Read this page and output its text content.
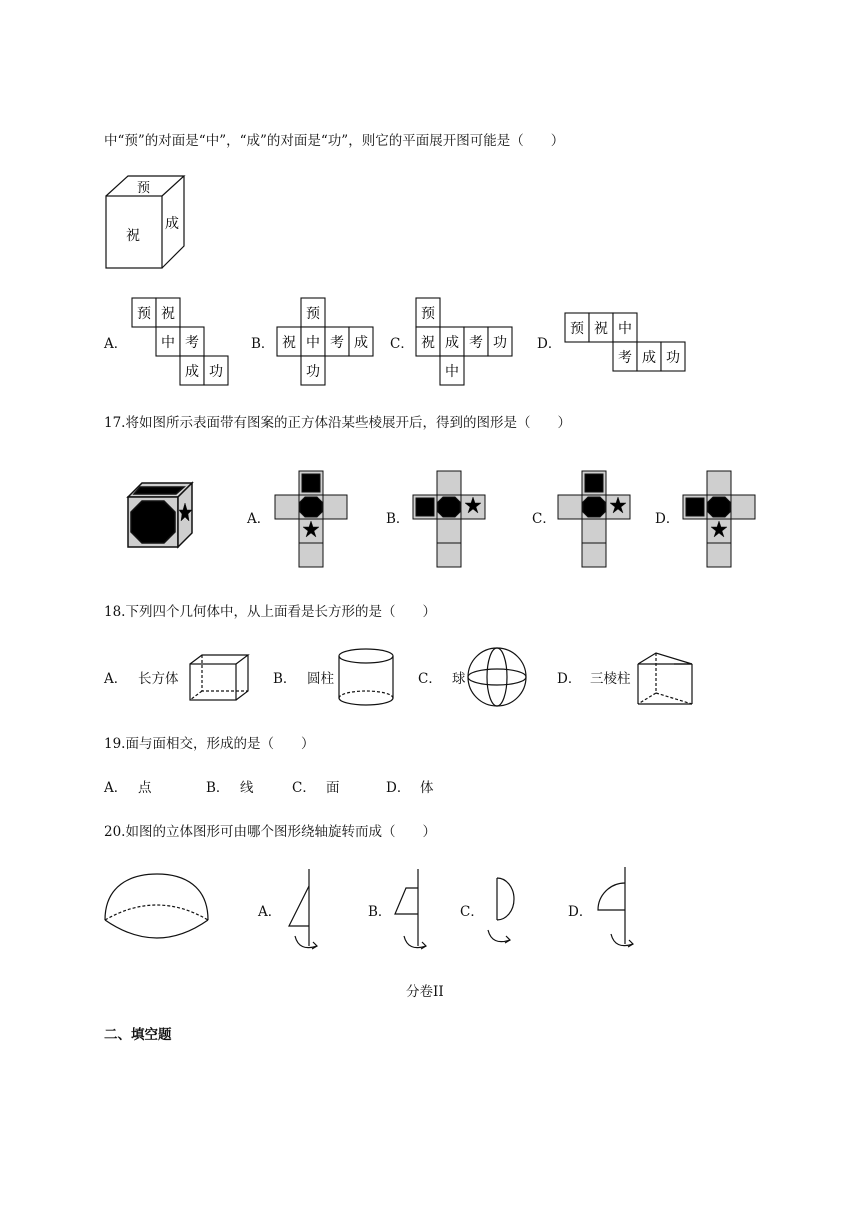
中“预”的对面是“中”，“成”的对面是“功”，则它的平面展开图可能是（　　）
预
祝
成
A．
预 祝
中 考
成 功
B．
预
祝 中 考 成
功
C．
预
祝 成 考 功
中
D．
预 祝 中
考 成 功
17.将如图所示表面带有图案的正方体沿某些棱展开后，得到的图形是（　　）
A．	B．	C．	D．
18.下列四个几何体中，从上面看是长方形的是（　　）
A． 长方体	B． 圆柱	C． 球	D． 三棱柱
19.面与面相交，形成的是（　　）
A． 点	B． 线	C． 面	D． 体
20.如图的立体图形可由哪个图形绕轴旋转而成（　　）
A．	B．	C．	D．
分卷II
二、填空题
